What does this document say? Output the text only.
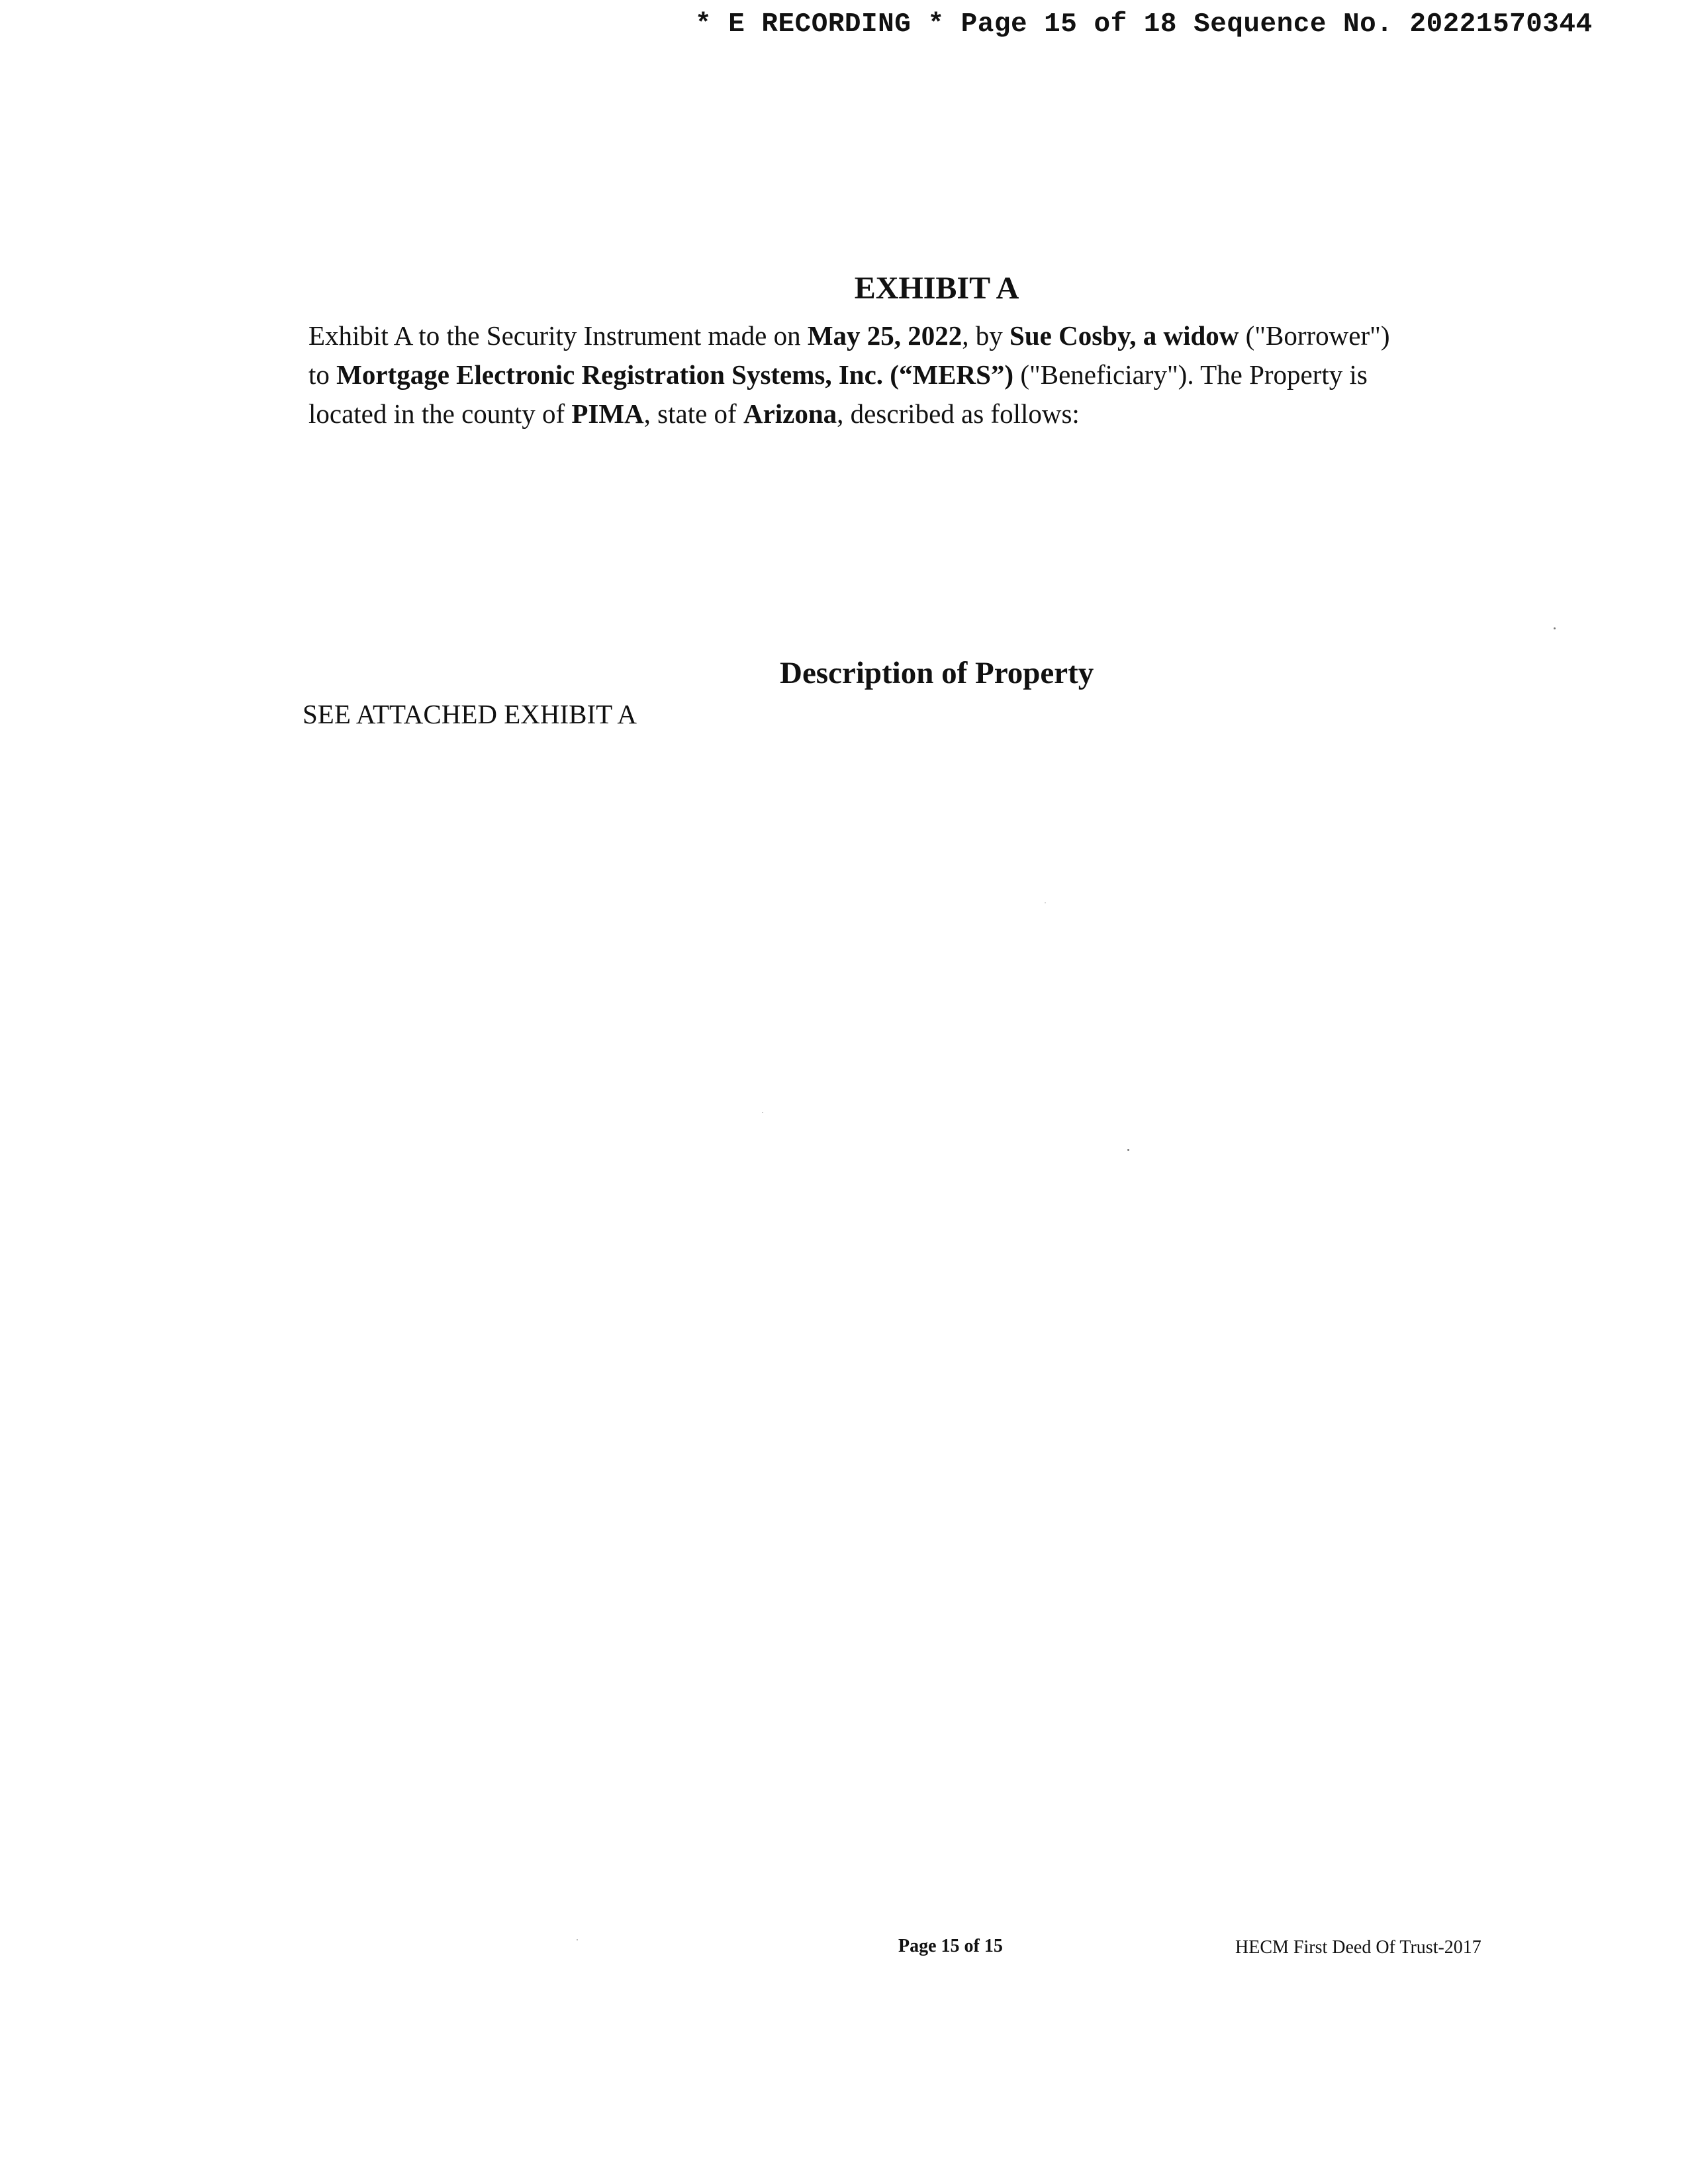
* E RECORDING * Page 15 of 18 Sequence No. 20221570344
EXHIBIT A
Exhibit A to the Security Instrument made on May 25, 2022, by Sue Cosby, a widow ("Borrower")
to Mortgage Electronic Registration Systems, Inc. (“MERS”) ("Beneficiary"). The Property is
located in the county of PIMA, state of Arizona, described as follows:
Description of Property
SEE ATTACHED EXHIBIT A
Page 15 of 15	HECM First Deed Of Trust-2017
